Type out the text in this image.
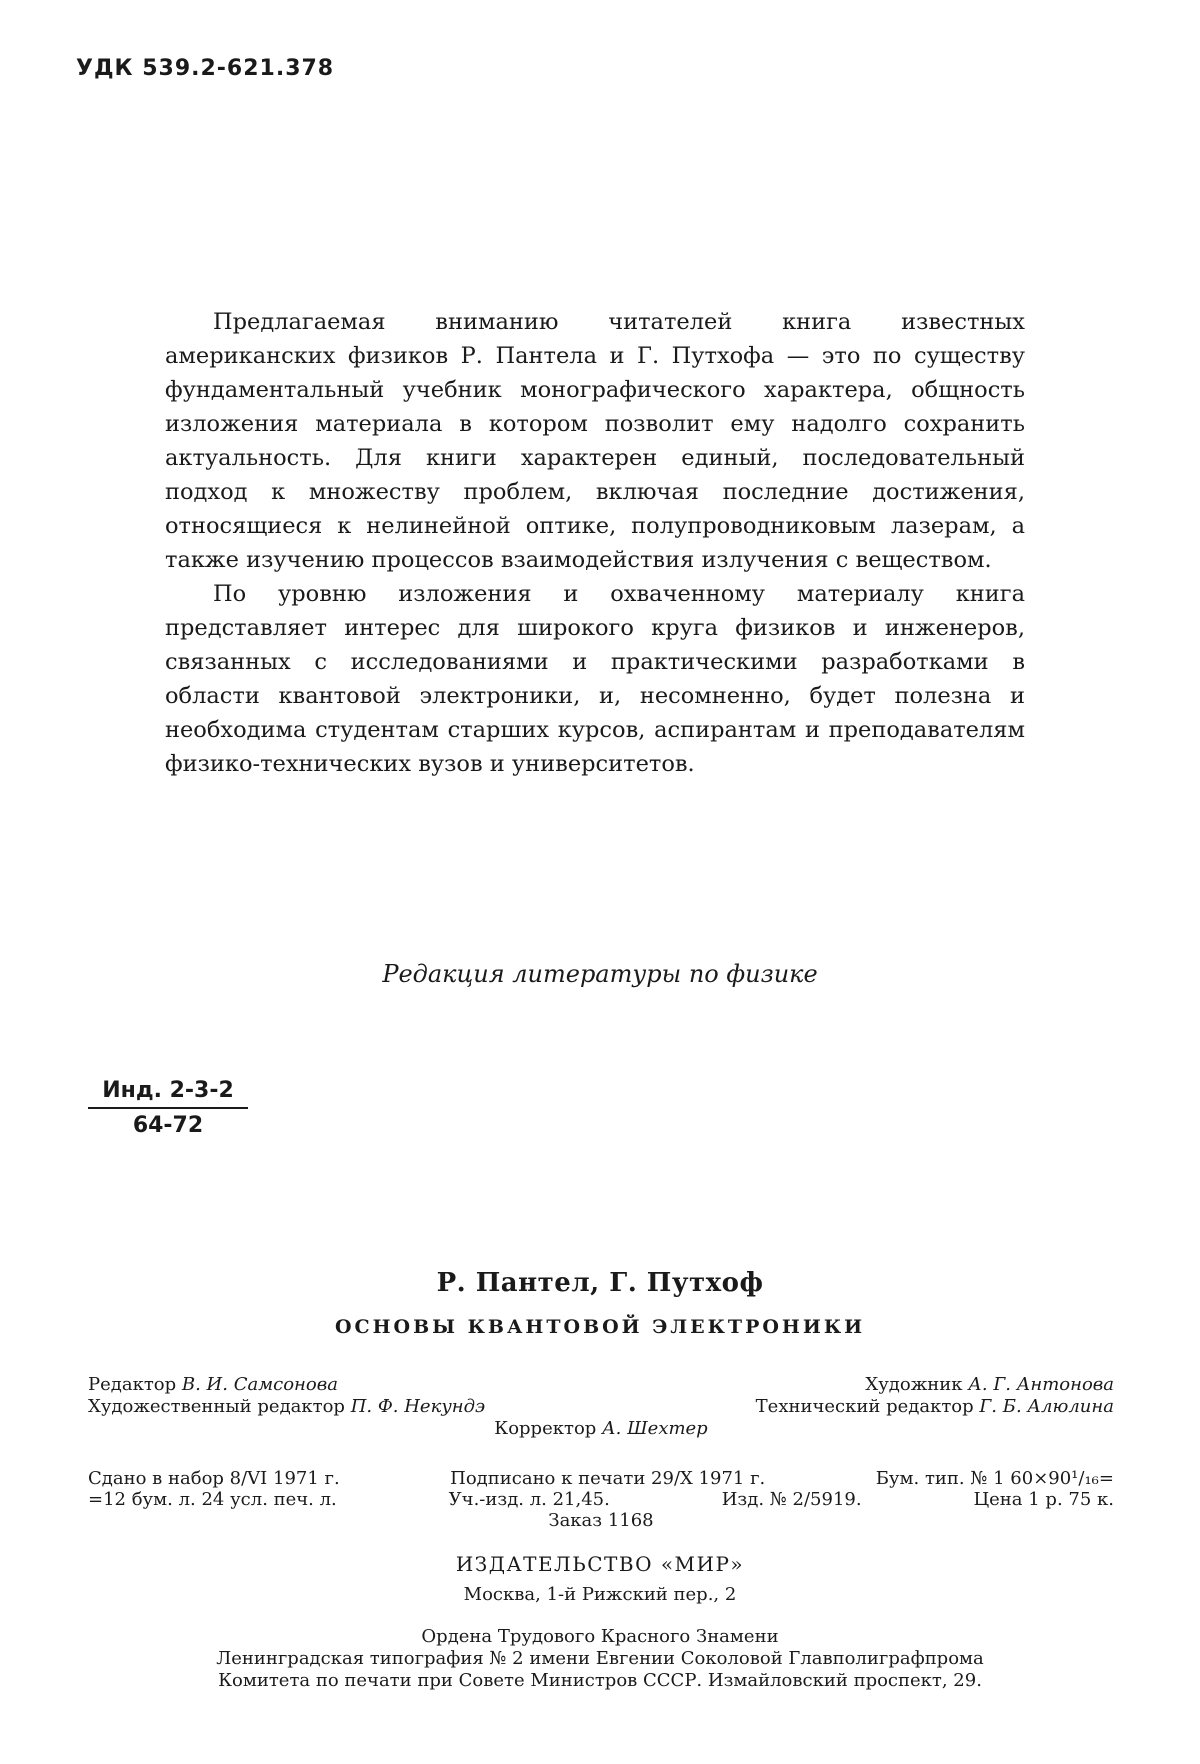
УДК 539.2-621.378

Предлагаемая вниманию читателей книга известных американских физиков Р. Пантела и Г. Путхофа — это по существу фундаментальный учебник монографического характера, общность изложения материала в котором позволит ему надолго сохранить актуальность. Для книги характерен единый, последовательный подход к множеству проблем, включая последние достижения, относящиеся к нелинейной оптике, полупроводниковым лазерам, а также изучению процессов взаимодействия излучения с веществом.

По уровню изложения и охваченному материалу книга представляет интерес для широкого круга физиков и инженеров, связанных с исследованиями и практическими разработками в области квантовой электроники, и, несомненно, будет полезна и необходима студентам старших курсов, аспирантам и преподавателям физико-технических вузов и университетов.

Редакция литературы по физике
Инд. 2-3-2
64-72
Р. Пантел, Г. Путхоф
ОСНОВЫ КВАНТОВОЙ ЭЛЕКТРОНИКИ
Редактор В. И. Самсонова	Художник А. Г. Антонова
Художественный редактор П. Ф. Некундэ	Технический редактор Г. Б. Алюлина
Корректор А. Шехтер
Сдано в набор 8/VI 1971 г.	Подписано к печати 29/X 1971 г.	Бум. тип. № 1 60×90¹/₁₆=
=12 бум. л. 24 усл. печ. л.	Уч.-изд. л. 21,45.	Изд. № 2/5919.	Цена 1 р. 75 к.
Заказ 1168
ИЗДАТЕЛЬСТВО «МИР»
Москва, 1-й Рижский пер., 2
Ордена Трудового Красного Знамени
Ленинградская типография № 2 имени Евгении Соколовой Главполиграфпрома
Комитета по печати при Совете Министров СССР. Измайловский проспект, 29.
